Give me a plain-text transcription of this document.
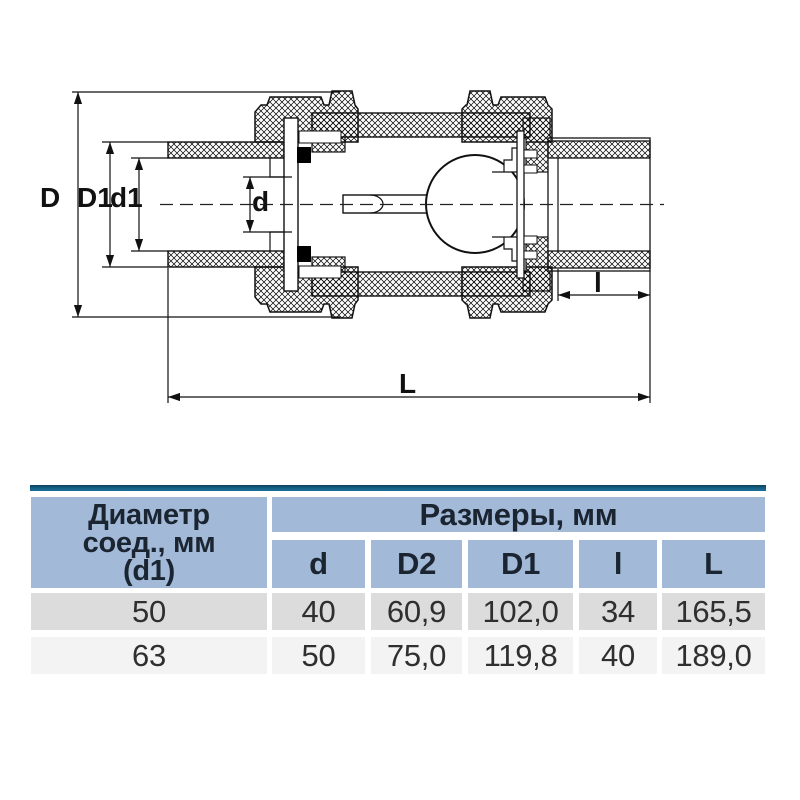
D D1
d1	d
l
L
Диаметр
соед., мм
(d1)
Размеры, мм
d	D2	D1	l	L
50	40	60,9	102,0	34	165,5
63	50	75,0	119,8	40	189,0
